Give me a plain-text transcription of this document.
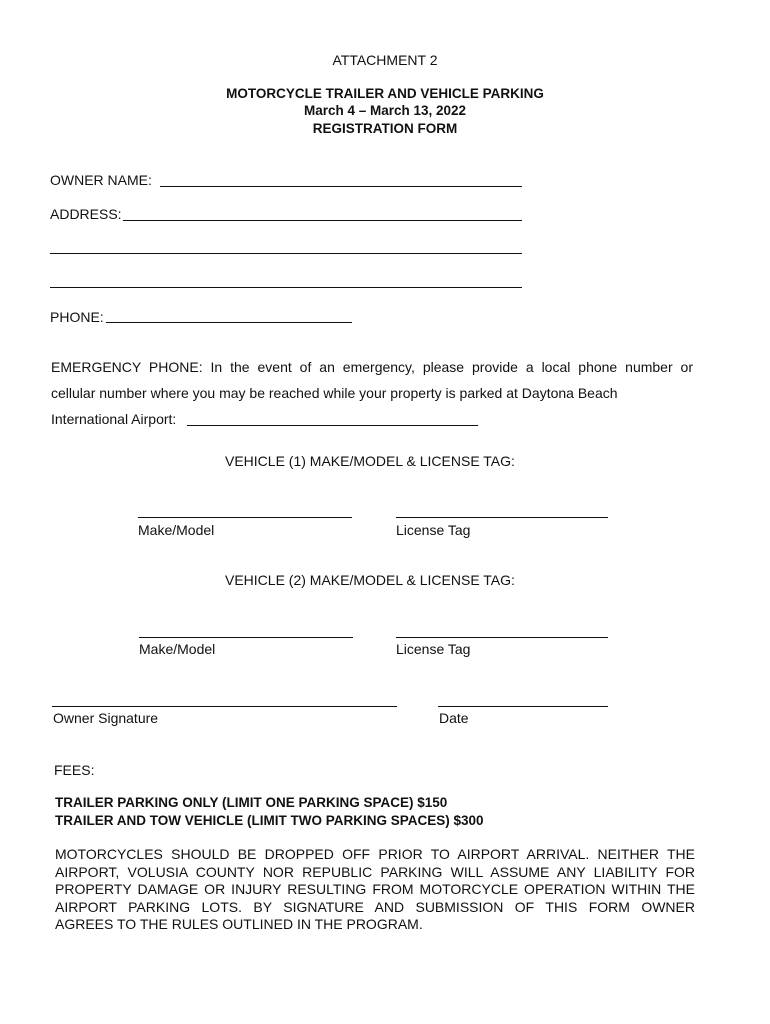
ATTACHMENT 2
MOTORCYCLE TRAILER AND VEHICLE PARKING
March 4 – March 13, 2022
REGISTRATION FORM
OWNER NAME:
ADDRESS:
PHONE:
EMERGENCY PHONE: In the event of an emergency, please provide a local phone number or
cellular number where you may be reached while your property is parked at Daytona Beach
International Airport:
VEHICLE (1) MAKE/MODEL & LICENSE TAG:
Make/Model	License Tag
VEHICLE (2) MAKE/MODEL & LICENSE TAG:
Make/Model	License Tag
Owner Signature	Date
FEES:
TRAILER PARKING ONLY (LIMIT ONE PARKING SPACE) $150
TRAILER AND TOW VEHICLE (LIMIT TWO PARKING SPACES) $300
MOTORCYCLES SHOULD BE DROPPED OFF PRIOR TO AIRPORT ARRIVAL. NEITHER THE
AIRPORT, VOLUSIA COUNTY NOR REPUBLIC PARKING WILL ASSUME ANY LIABILITY FOR
PROPERTY DAMAGE OR INJURY RESULTING FROM MOTORCYCLE OPERATION WITHIN THE
AIRPORT PARKING LOTS. BY SIGNATURE AND SUBMISSION OF THIS FORM OWNER
AGREES TO THE RULES OUTLINED IN THE PROGRAM.
